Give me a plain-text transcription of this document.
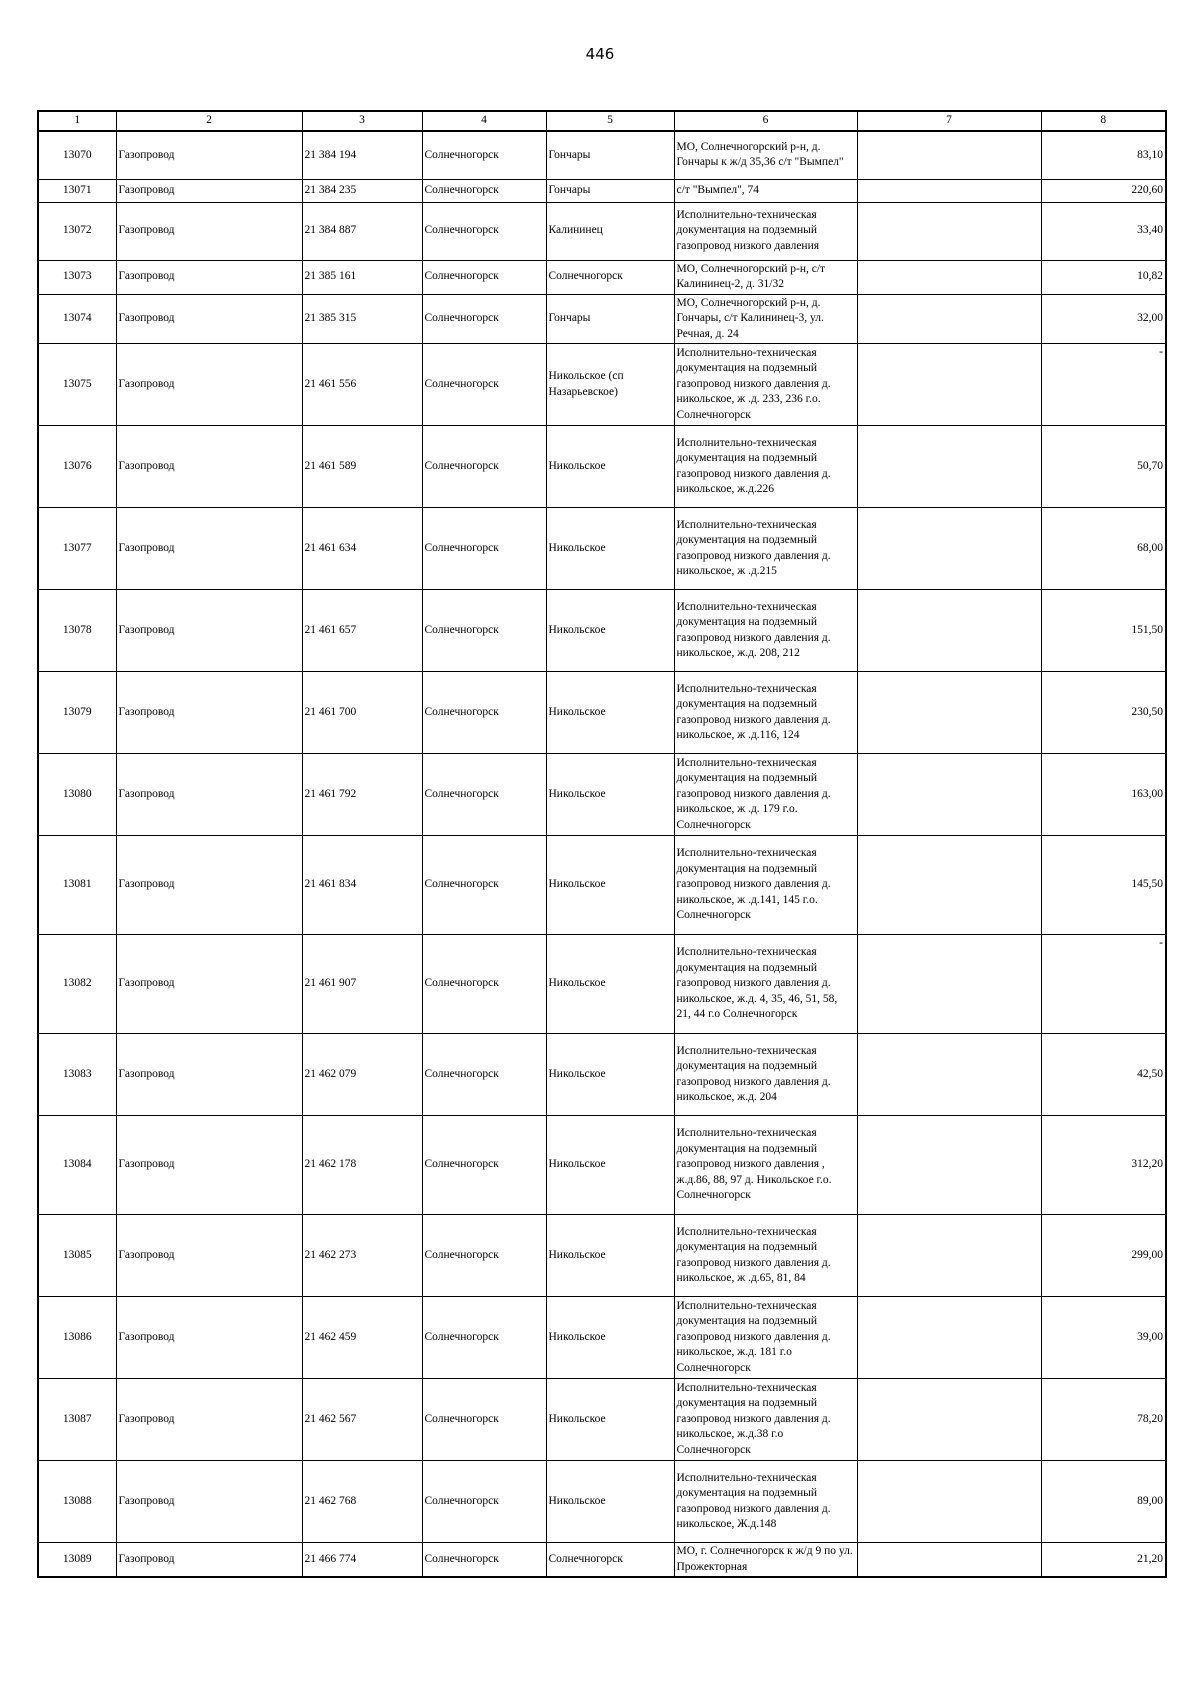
446
1	2	3	4	5	6	7	8
13070	Газопровод	21 384 194	Солнечногорск	Гончары	МО, Солнечногорский р-н, д. Гончары к ж/д 35,36 с/т "Вымпел"		83,10
13071	Газопровод	21 384 235	Солнечногорск	Гончары	с/т "Вымпел", 74		220,60
13072	Газопровод	21 384 887	Солнечногорск	Калининец	Исполнительно-техническая документация на подземный газопровод низкого давления		33,40
13073	Газопровод	21 385 161	Солнечногорск	Солнечногорск	МО, Солнечногорский р-н, с/т Калининец-2, д. 31/32		10,82
13074	Газопровод	21 385 315	Солнечногорск	Гончары	МО, Солнечногорский р-н, д. Гончары, с/т Калининец-3, ул. Речная, д. 24		32,00
13075	Газопровод	21 461 556	Солнечногорск	Никольское (сп Назарьевское)	Исполнительно-техническая документация на подземный газопровод низкого давления д. никольское, ж .д. 233, 236 г.о. Солнечногорск		-
13076	Газопровод	21 461 589	Солнечногорск	Никольское	Исполнительно-техническая документация на подземный газопровод низкого давления д. никольское, ж.д.226		50,70
13077	Газопровод	21 461 634	Солнечногорск	Никольское	Исполнительно-техническая документация на подземный газопровод низкого давления д. никольское, ж .д.215		68,00
13078	Газопровод	21 461 657	Солнечногорск	Никольское	Исполнительно-техническая документация на подземный газопровод низкого давления д. никольское, ж.д. 208, 212		151,50
13079	Газопровод	21 461 700	Солнечногорск	Никольское	Исполнительно-техническая документация на подземный газопровод низкого давления д. никольское, ж .д.116, 124		230,50
13080	Газопровод	21 461 792	Солнечногорск	Никольское	Исполнительно-техническая документация на подземный газопровод низкого давления д. никольское, ж .д. 179 г.о. Солнечногорск		163,00
13081	Газопровод	21 461 834	Солнечногорск	Никольское	Исполнительно-техническая документация на подземный газопровод низкого давления д. никольское, ж .д.141, 145 г.о. Солнечногорск		145,50
13082	Газопровод	21 461 907	Солнечногорск	Никольское	Исполнительно-техническая документация на подземный газопровод низкого давления д. никольское, ж.д. 4, 35, 46, 51, 58, 21, 44 г.о Солнечногорск		-
13083	Газопровод	21 462 079	Солнечногорск	Никольское	Исполнительно-техническая документация на подземный газопровод низкого давления д. никольское, ж.д. 204		42,50
13084	Газопровод	21 462 178	Солнечногорск	Никольское	Исполнительно-техническая документация на подземный газопровод низкого давления , ж.д.86, 88, 97 д. Никольское г.о. Солнечногорск		312,20
13085	Газопровод	21 462 273	Солнечногорск	Никольское	Исполнительно-техническая документация на подземный газопровод низкого давления д. никольское, ж .д.65, 81, 84		299,00
13086	Газопровод	21 462 459	Солнечногорск	Никольское	Исполнительно-техническая документация на подземный газопровод низкого давления д. никольское, ж.д. 181 г.о Солнечногорск		39,00
13087	Газопровод	21 462 567	Солнечногорск	Никольское	Исполнительно-техническая документация на подземный газопровод низкого давления д. никольское, ж.д.38 г.о Солнечногорск		78,20
13088	Газопровод	21 462 768	Солнечногорск	Никольское	Исполнительно-техническая документация на подземный газопровод низкого давления д. никольское, Ж.д.148		89,00
13089	Газопровод	21 466 774	Солнечногорск	Солнечногорск	МО, г. Солнечногорск к ж/д 9 по ул. Прожекторная		21,20
